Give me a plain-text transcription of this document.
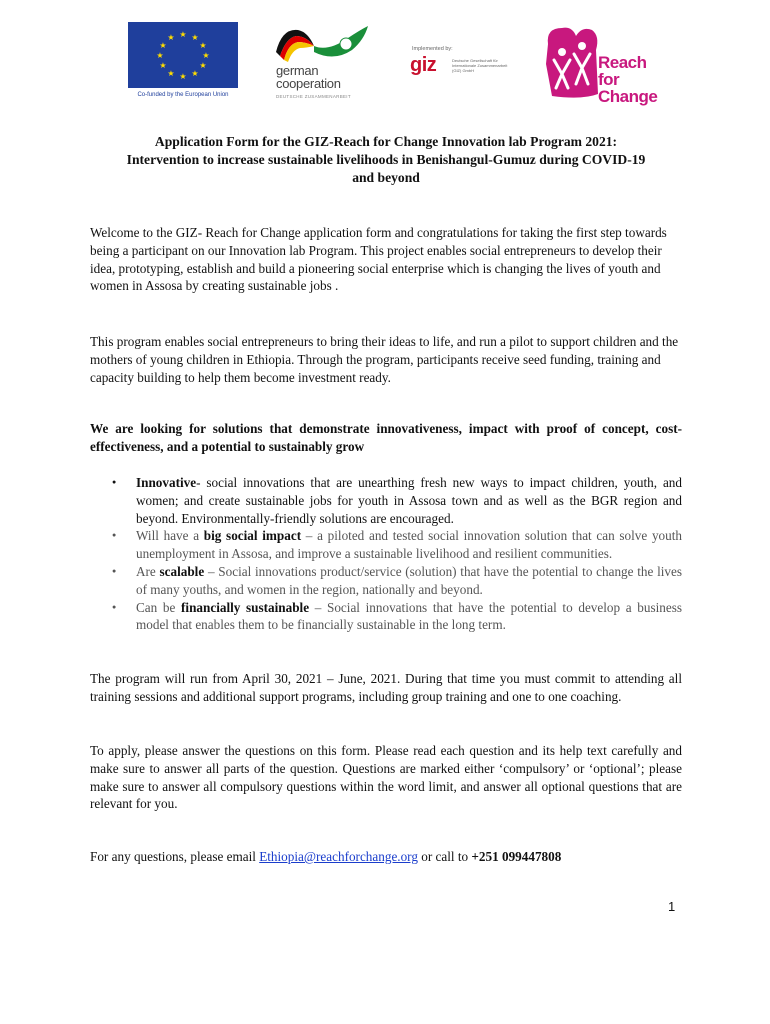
★ ★
★
★
★
★
★
★
★
★
★
★
Co-funded by the European Union
german
cooperation
DEUTSCHE ZUSAMMENARBEIT
Implemented by:
giz	Deutsche Gesellschaft für Internationale Zusammenarbeit (GIZ) GmbH	Reach
for Change
Application Form for the GIZ-Reach for Change Innovation lab Program 2021:
Intervention to increase sustainable livelihoods in Benishangul-Gumuz during COVID-19
and beyond
Welcome to the GIZ- Reach for Change application form and congratulations for taking the first step towards being a participant on our Innovation lab Program. This project enables social entrepreneurs to develop their idea, prototyping, establish and build a pioneering social enterprise which is changing the lives of youth and women in Assosa by creating sustainable jobs .
This program enables social entrepreneurs to bring their ideas to life, and run a pilot to support children and the mothers of young children in Ethiopia. Through the program, participants receive seed funding, training and capacity building to help them become investment ready.
We are looking for solutions that demonstrate innovativeness, impact with proof of concept, cost-effectiveness, and a potential to sustainably grow
● Innovative- social innovations that are unearthing fresh new ways to impact children, youth, and women; and create sustainable jobs for youth in Assosa town and as well as the BGR region and beyond. Environmentally-friendly solutions are encouraged.
● Will have a big social impact – a piloted and tested social innovation solution that can solve youth unemployment in Assosa, and improve a sustainable livelihood and resilient communities.
● Are scalable – Social innovations product/service (solution) that have the potential to change the lives of many youths, and women in the region, nationally and beyond.
● Can be financially sustainable – Social innovations that have the potential to develop a business model that enables them to be financially sustainable in the long term.
The program will run from April 30, 2021 – June, 2021. During that time you must commit to attending all training sessions and additional support programs, including group training and one to one coaching.
To apply, please answer the questions on this form. Please read each question and its help text carefully and make sure to answer all parts of the question. Questions are marked either ‘compulsory’ or ‘optional’; please make sure to answer all compulsory questions within the word limit, and answer all optional questions that are relevant for you.
For any questions, please email Ethiopia@reachforchange.org or call to +251 099447808
1
